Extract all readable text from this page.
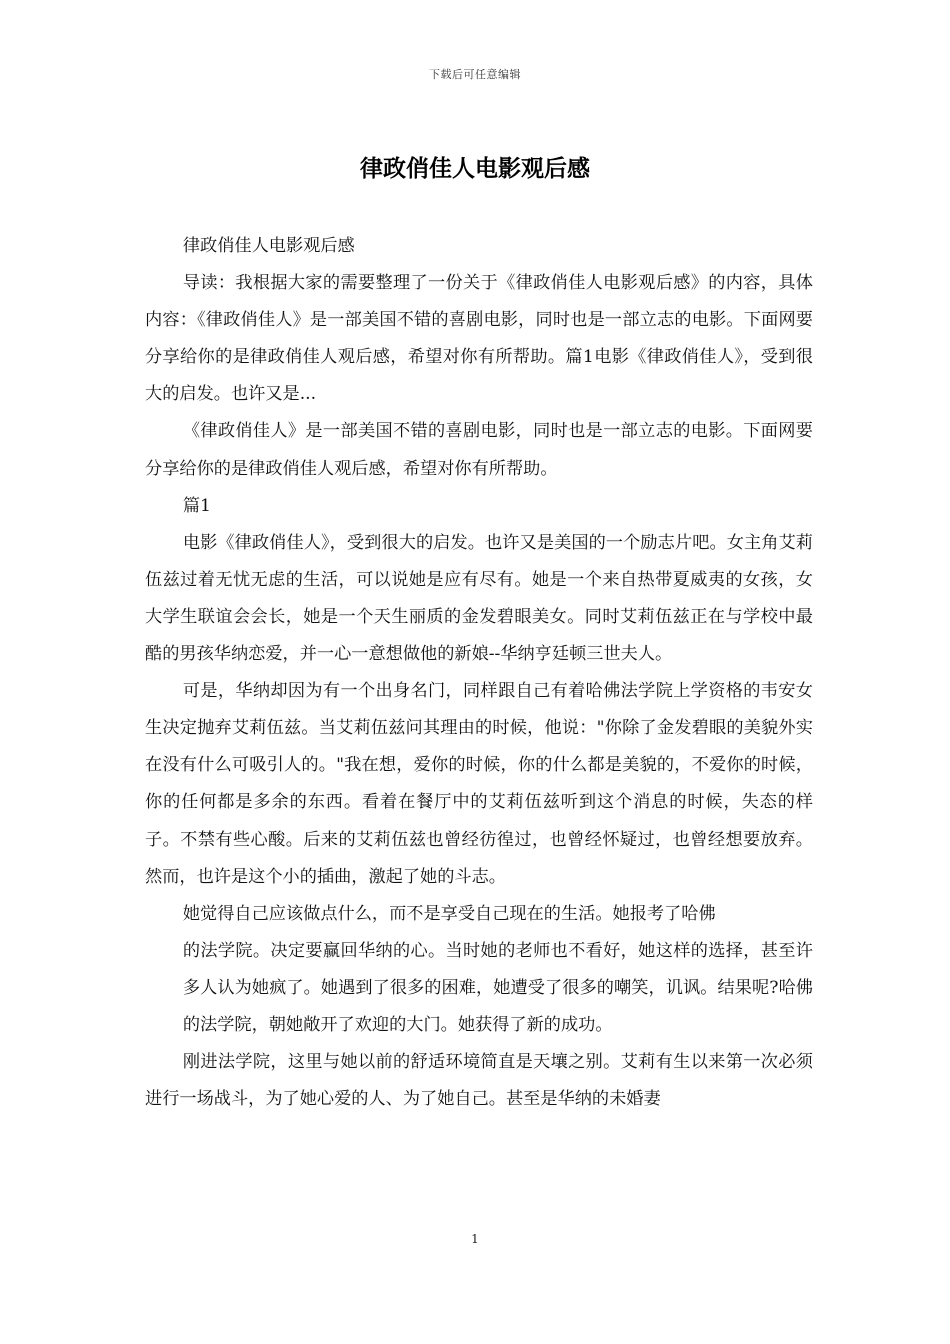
下载后可任意编辑
律政俏佳人电影观后感

律政俏佳人电影观后感

导读：我根据大家的需要整理了一份关于《律政俏佳人电影观后感》的内容，具体内容：《律政俏佳人》是一部美国不错的喜剧电影，同时也是一部立志的电影。下面网要分享给你的是律政俏佳人观后感，希望对你有所帮助。篇1电影《律政俏佳人》，受到很大的启发。也许又是...

《律政俏佳人》是一部美国不错的喜剧电影，同时也是一部立志的电影。下面网要分享给你的是律政俏佳人观后感，希望对你有所帮助。

篇1

电影《律政俏佳人》，受到很大的启发。也许又是美国的一个励志片吧。女主角艾莉伍兹过着无忧无虑的生活，可以说她是应有尽有。她是一个来自热带夏威夷的女孩，女大学生联谊会会长，她是一个天生丽质的金发碧眼美女。同时艾莉伍兹正在与学校中最酷的男孩华纳恋爱，并一心一意想做他的新娘--华纳亨廷顿三世夫人。

可是，华纳却因为有一个出身名门，同样跟自己有着哈佛法学院上学资格的韦安女生决定抛弃艾莉伍兹。当艾莉伍兹问其理由的时候，他说："你除了金发碧眼的美貌外实在没有什么可吸引人的。"我在想，爱你的时候，你的什么都是美貌的，不爱你的时候，你的任何都是多余的东西。看着在餐厅中的艾莉伍兹听到这个消息的时候，失态的样子。不禁有些心酸。后来的艾莉伍兹也曾经彷徨过，也曾经怀疑过，也曾经想要放弃。然而，也许是这个小的插曲，激起了她的斗志。

她觉得自己应该做点什么，而不是享受自己现在的生活。她报考了哈佛

的法学院。决定要赢回华纳的心。当时她的老师也不看好，她这样的选择，甚至许多人认为她疯了。她遇到了很多的困难，她遭受了很多的嘲笑，讥讽。结果呢?哈佛的法学院，朝她敞开了欢迎的大门。她获得了新的成功。

刚进法学院，这里与她以前的舒适环境简直是天壤之别。艾莉有生以来第一次必须进行一场战斗，为了她心爱的人、为了她自己。甚至是华纳的未婚妻

1
